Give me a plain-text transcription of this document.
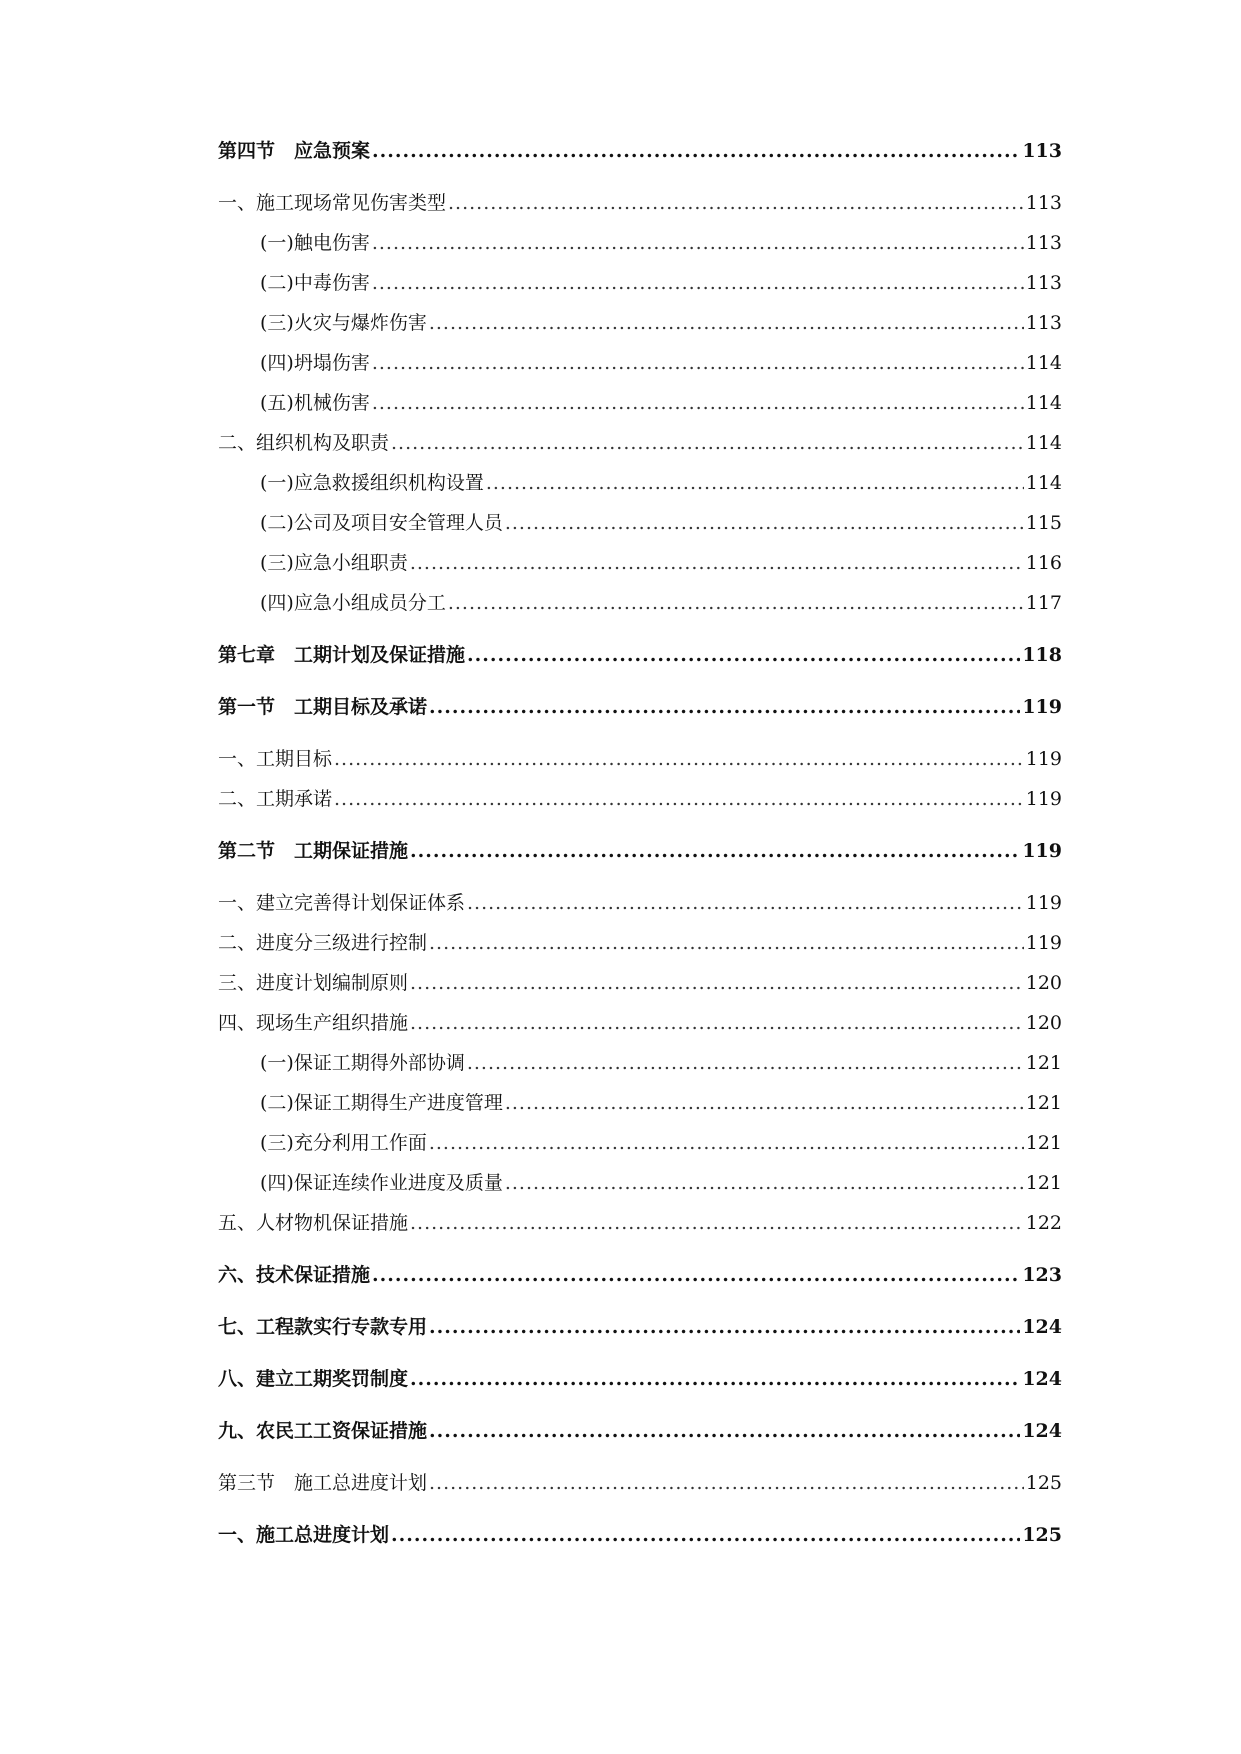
第四节　应急预案 .....	113
一、施工现场常见伤害类型 .....	113
(一)触电伤害 .....	113
(二)中毒伤害 .....	113
(三)火灾与爆炸伤害 .....	113
(四)坍塌伤害 .....	114
(五)机械伤害 .....	114
二、组织机构及职责 .....	114
(一)应急救援组织机构设置 .....	114
(二)公司及项目安全管理人员 .....	115
(三)应急小组职责 .....	116
(四)应急小组成员分工 .....	117
第七章　工期计划及保证措施 .....	118
第一节　工期目标及承诺 .....	119
一、工期目标 .....	119
二、工期承诺 .....	119
第二节　工期保证措施 .....	119
一、建立完善得计划保证体系 .....	119
二、进度分三级进行控制 .....	119
三、进度计划编制原则 .....	120
四、现场生产组织措施 .....	120
(一)保证工期得外部协调 .....	121
(二)保证工期得生产进度管理 .....	121
(三)充分利用工作面 .....	121
(四)保证连续作业进度及质量 .....	121
五、人材物机保证措施 .....	122
六、技术保证措施 .....	123
七、工程款实行专款专用 .....	124
八、建立工期奖罚制度 .....	124
九、农民工工资保证措施 .....	124
第三节　施工总进度计划 .....	125
一、施工总进度计划 .....	125
